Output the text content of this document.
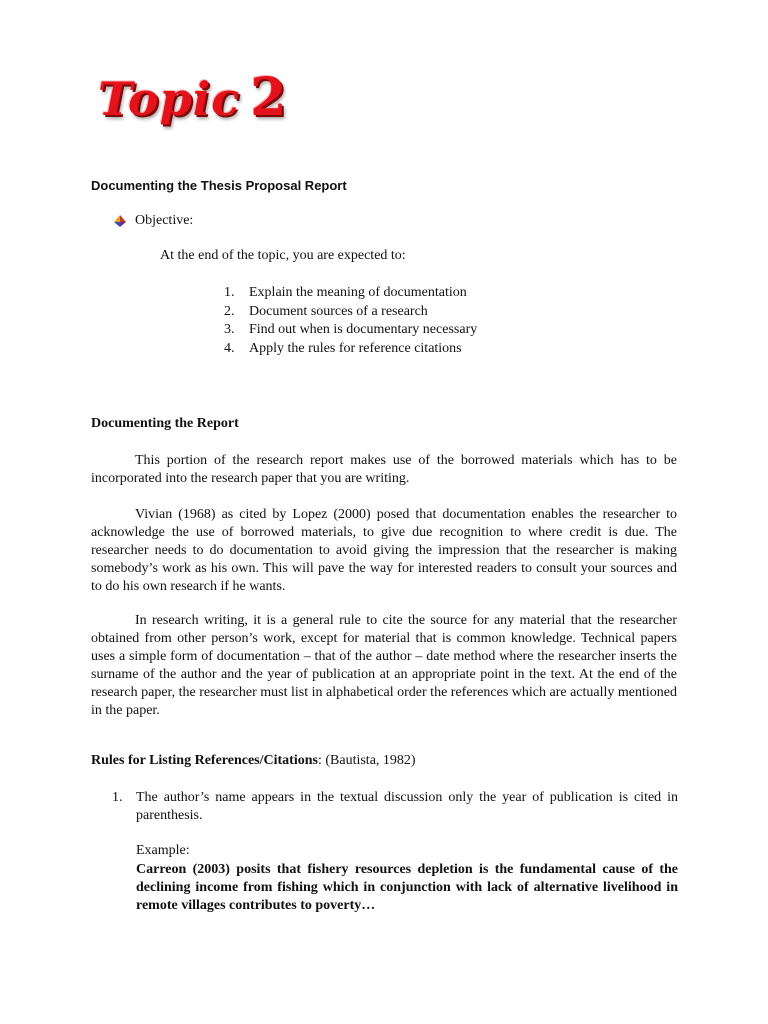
Topic 2
Documenting the Thesis Proposal Report
Objective:
At the end of the topic, you are expected to:
1.	Explain the meaning of documentation
2.	Document sources of a research
3.	Find out when is documentary necessary
4.	Apply the rules for reference citations
Documenting the Report

This portion of the research report makes use of the borrowed materials which has to be incorporated into the research paper that you are writing.

Vivian (1968) as cited by Lopez (2000) posed that documentation enables the researcher to acknowledge the use of borrowed materials, to give due recognition to where credit is due. The researcher needs to do documentation to avoid giving the impression that the researcher is making somebody’s work as his own. This will pave the way for interested readers to consult your sources and to do his own research if he wants.

In research writing, it is a general rule to cite the source for any material that the researcher obtained from other person’s work, except for material that is common knowledge. Technical papers uses a simple form of documentation – that of the author – date method where the researcher inserts the surname of the author and the year of publication at an appropriate point in the text. At the end of the research paper, the researcher must list in alphabetical order the references which are actually mentioned in the paper.

Rules for Listing References/Citations: (Bautista, 1982)
1. The author’s name appears in the textual discussion only the year of publication is cited in parenthesis.
Example:
Carreon (2003) posits that fishery resources depletion is the fundamental cause of the declining income from fishing which in conjunction with lack of alternative livelihood in remote villages contributes to poverty…
